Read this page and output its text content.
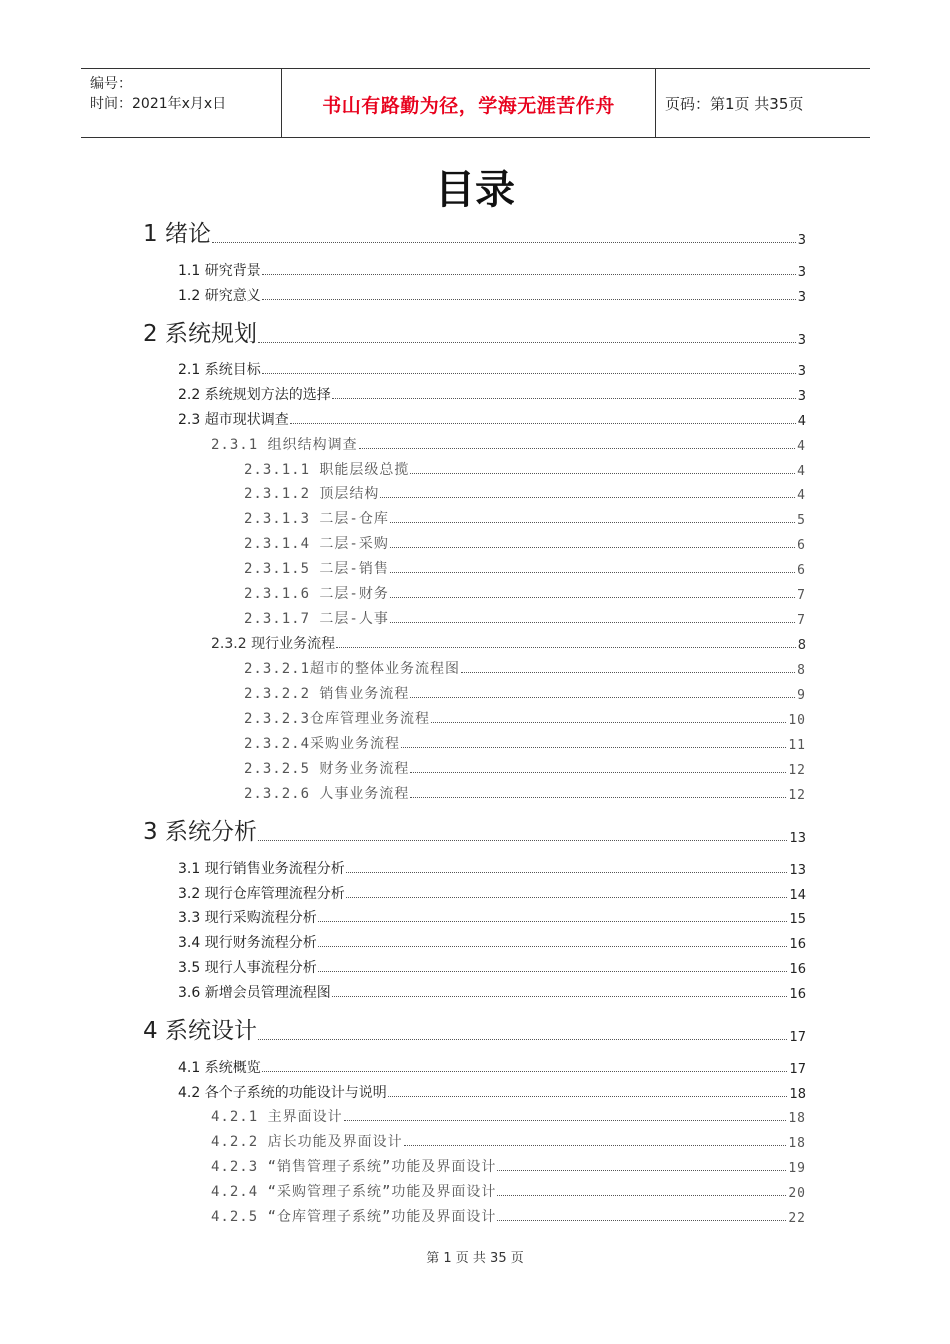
编号：
时间：2021年x月x日	书山有路勤为径，学海无涯苦作舟	页码：第1页 共35页
目录
1 绪论	3
1.1 研究背景	3
1.2 研究意义	3
2 系统规划	3
2.1 系统目标	3
2.2 系统规划方法的选择	3
2.3 超市现状调查	4
2.3.1 组织结构调查	4
2.3.1.1 职能层级总揽	4
2.3.1.2 顶层结构	4
2.3.1.3 二层-仓库	5
2.3.1.4 二层-采购	6
2.3.1.5 二层-销售	6
2.3.1.6 二层-财务	7
2.3.1.7 二层-人事	7
2.3.2 现行业务流程	8
2.3.2.1超市的整体业务流程图	8
2.3.2.2 销售业务流程	9
2.3.2.3仓库管理业务流程	10
2.3.2.4采购业务流程	11
2.3.2.5 财务业务流程	12
2.3.2.6 人事业务流程	12
3 系统分析	13
3.1 现行销售业务流程分析	13
3.2 现行仓库管理流程分析	14
3.3 现行采购流程分析	15
3.4 现行财务流程分析	16
3.5 现行人事流程分析	16
3.6 新增会员管理流程图	16
4 系统设计	17
4.1 系统概览	17
4.2 各个子系统的功能设计与说明	18
4.2.1 主界面设计	18
4.2.2 店长功能及界面设计	18
4.2.3 “销售管理子系统”功能及界面设计	19
4.2.4 “采购管理子系统”功能及界面设计	20
4.2.5 “仓库管理子系统”功能及界面设计	22
第 1 页 共 35 页
